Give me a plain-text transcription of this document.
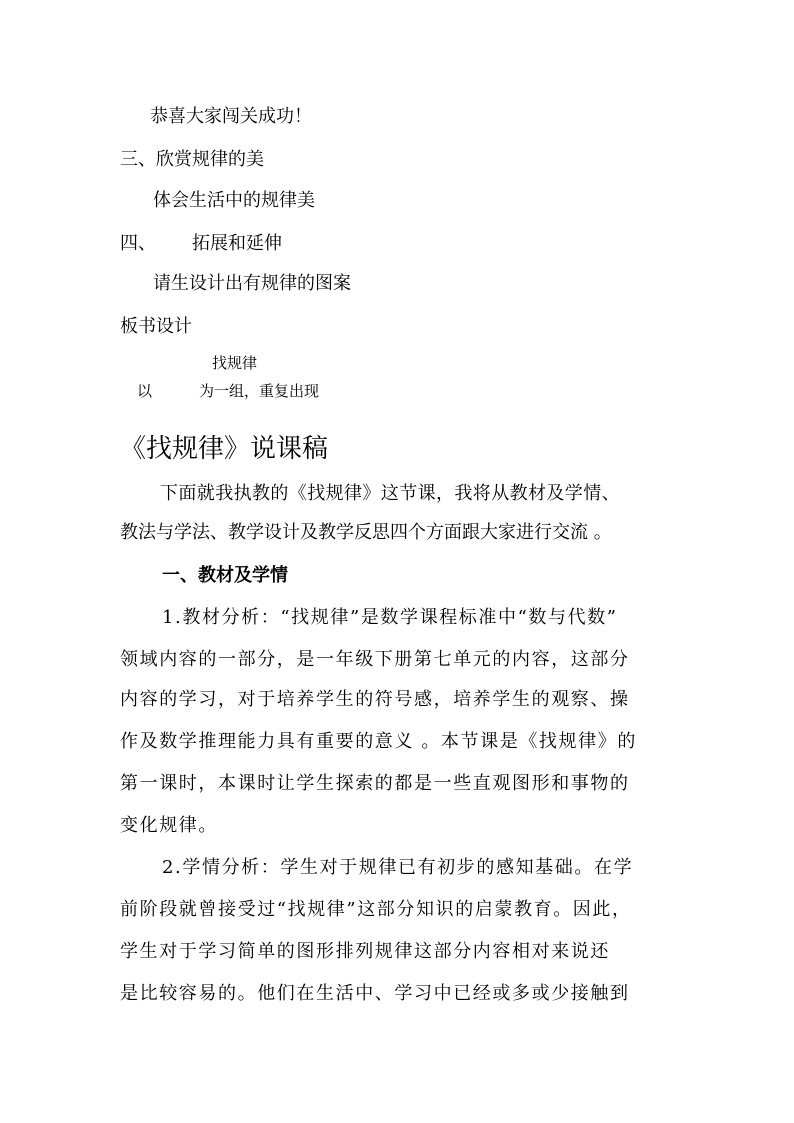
恭喜大家闯关成功！
三、欣赏规律的美
体会生活中的规律美
四、 拓展和延伸
请生设计出有规律的图案
板书设计
找规律
以	为一组，重复出现
《找规律》说课稿
下面就我执教的《找规律》这节课，我将从教材及学情、
教法与学法、教学设计及教学反思四个方面跟大家进行交流 。
一、教材及学情
1.教材分析：“找规律”是数学课程标准中“数与代数”
领域内容的一部分，是一年级下册第七单元的内容，这部分
内容的学习，对于培养学生的符号感，培养学生的观察、操
作及数学推理能力具有重要的意义 。本节课是《找规律》的
第一课时，本课时让学生探索的都是一些直观图形和事物的
变化规律。
2.学情分析：学生对于规律已有初步的感知基础。在学
前阶段就曾接受过“找规律”这部分知识的启蒙教育。因此，
学生对于学习简单的图形排列规律这部分内容相对来说还
是比较容易的。他们在生活中、学习中已经或多或少接触到
